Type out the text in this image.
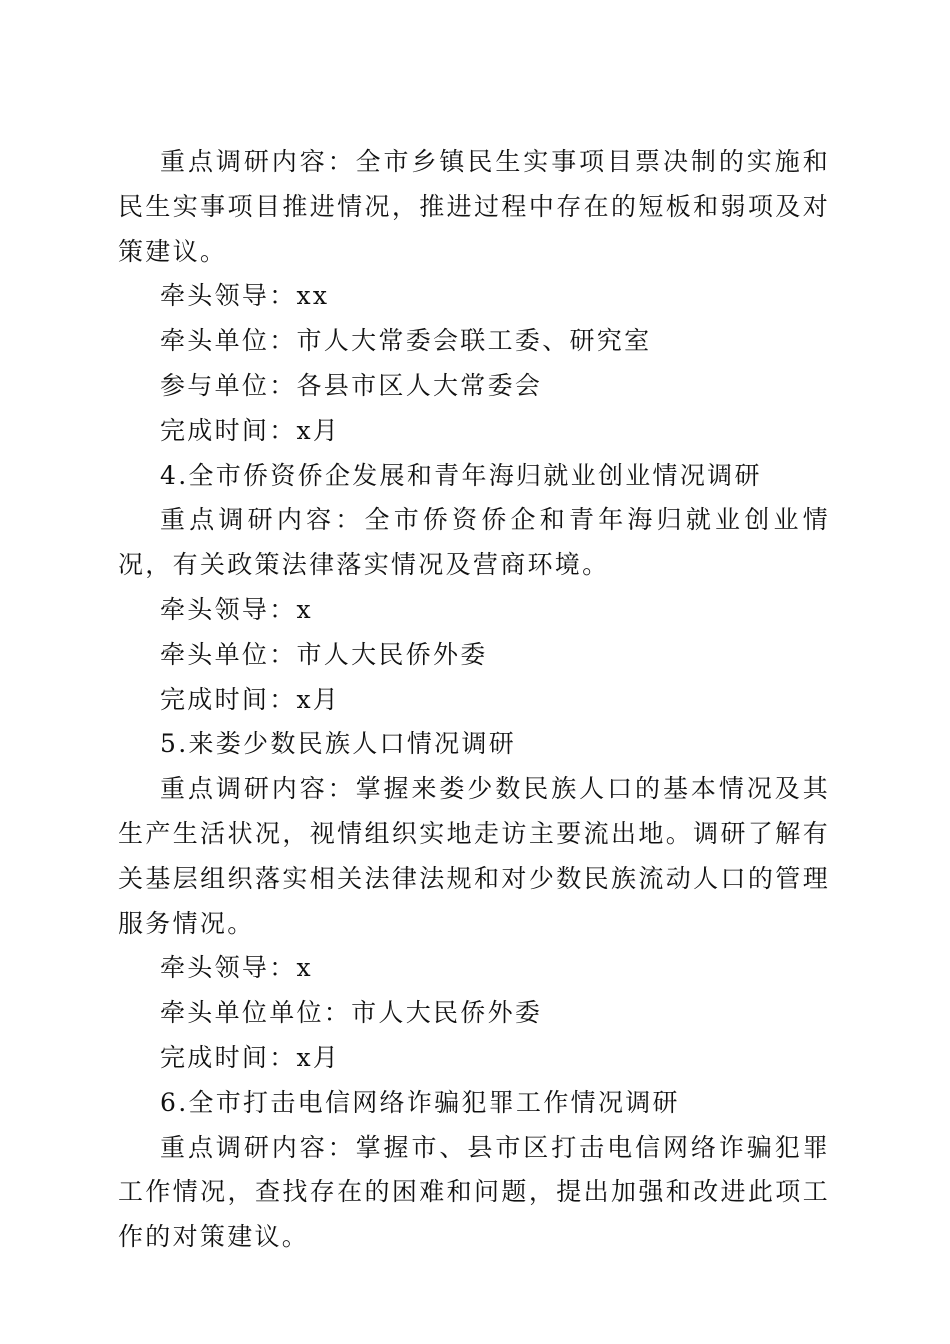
重点调研内容：全市乡镇民生实事项目票决制的实施和民生实事项目推进情况，推进过程中存在的短板和弱项及对策建议。

牵头领导：xx

牵头单位：市人大常委会联工委、研究室

参与单位：各县市区人大常委会

完成时间：x月

4.全市侨资侨企发展和青年海归就业创业情况调研

重点调研内容：全市侨资侨企和青年海归就业创业情况，有关政策法律落实情况及营商环境。

牵头领导：x

牵头单位：市人大民侨外委

完成时间：x月

5.来娄少数民族人口情况调研

重点调研内容：掌握来娄少数民族人口的基本情况及其生产生活状况，视情组织实地走访主要流出地。调研了解有关基层组织落实相关法律法规和对少数民族流动人口的管理服务情况。

牵头领导：x

牵头单位单位：市人大民侨外委

完成时间：x月

6.全市打击电信网络诈骗犯罪工作情况调研

重点调研内容：掌握市、县市区打击电信网络诈骗犯罪工作情况，查找存在的困难和问题，提出加强和改进此项工作的对策建议。
